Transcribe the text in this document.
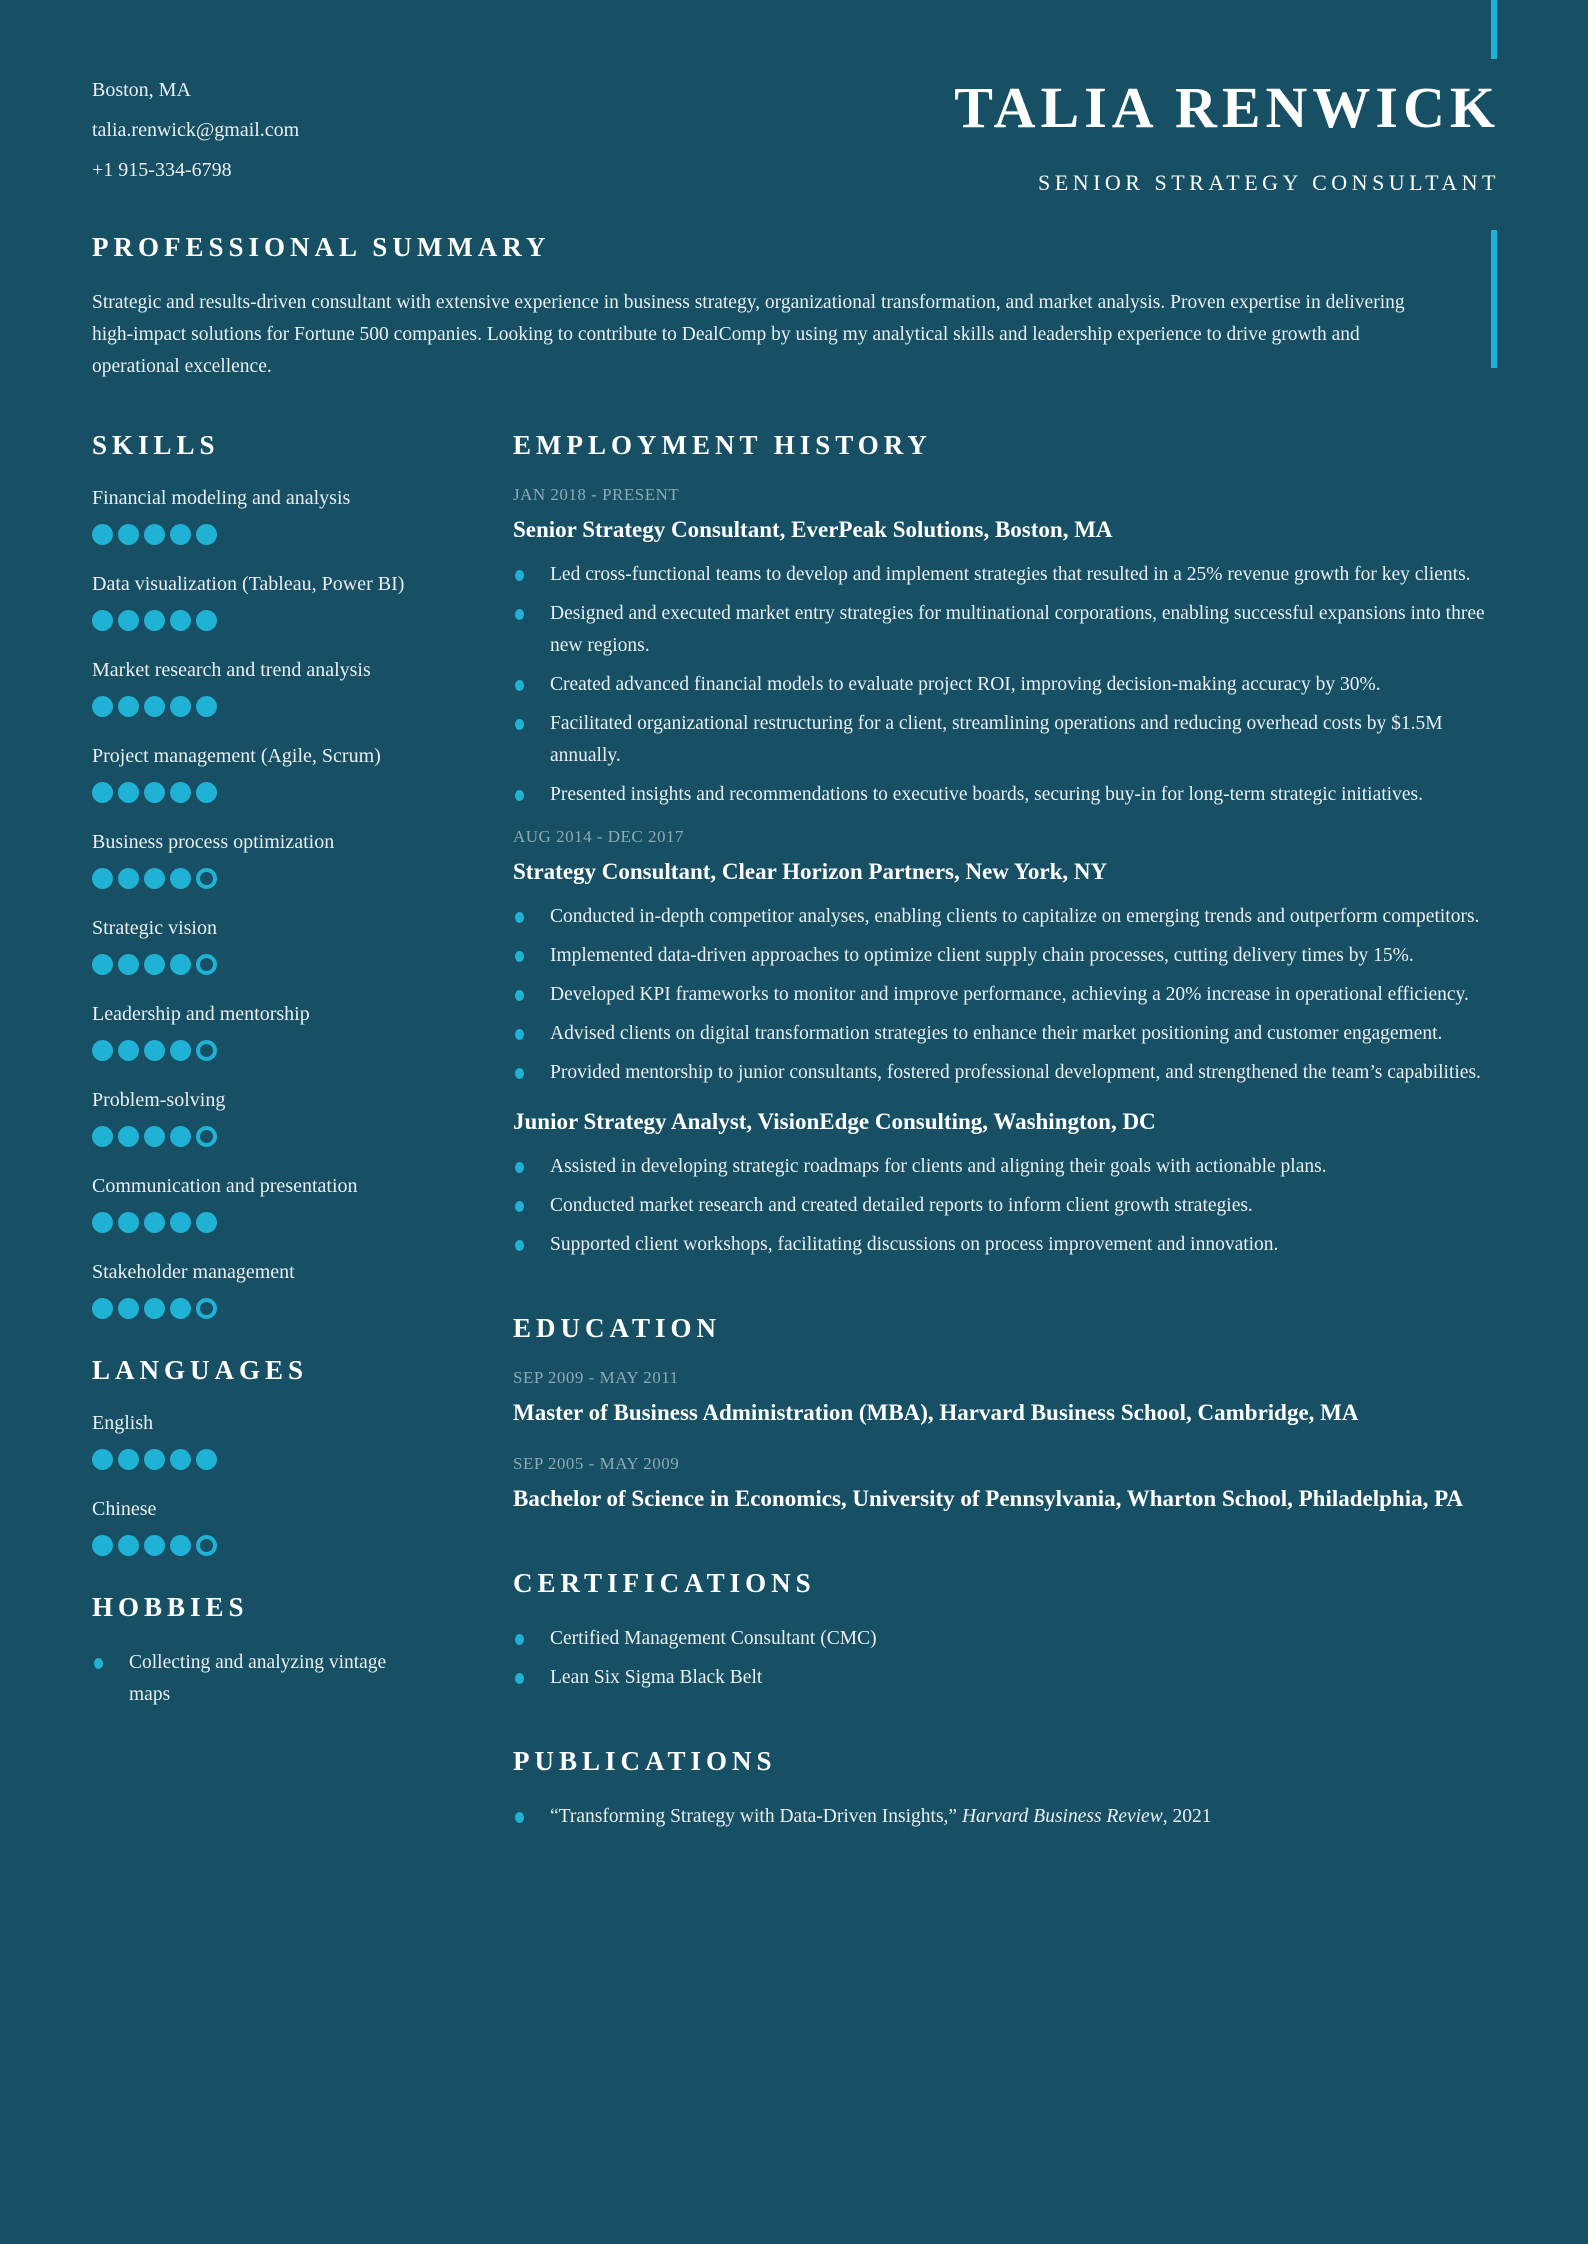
Boston, MA
talia.renwick@gmail.com
+1 915-334-6798
TALIA RENWICK
SENIOR STRATEGY CONSULTANT
PROFESSIONAL SUMMARY

Strategic and results-driven consultant with extensive experience in business strategy, organizational transformation, and market analysis. Proven expertise in delivering high-impact solutions for Fortune 500 companies. Looking to contribute to DealComp by using my analytical skills and leadership experience to drive growth and operational excellence.

SKILLS
Financial modeling and analysis
Data visualization (Tableau, Power BI)
Market research and trend analysis
Project management (Agile, Scrum)
Business process optimization
Strategic vision
Leadership and mentorship
Problem-solving
Communication and presentation
Stakeholder management
LANGUAGES
English
Chinese
HOBBIES
Collecting and analyzing vintage maps
EMPLOYMENT HISTORY
JAN 2018 - PRESENT
Senior Strategy Consultant, EverPeak Solutions, Boston, MA
Led cross-functional teams to develop and implement strategies that resulted in a 25% revenue growth for key clients.
Designed and executed market entry strategies for multinational corporations, enabling successful expansions into three new regions.
Created advanced financial models to evaluate project ROI, improving decision-making accuracy by 30%.
Facilitated organizational restructuring for a client, streamlining operations and reducing overhead costs by $1.5M annually.
Presented insights and recommendations to executive boards, securing buy-in for long-term strategic initiatives.
AUG 2014 - DEC 2017
Strategy Consultant, Clear Horizon Partners, New York, NY
Conducted in-depth competitor analyses, enabling clients to capitalize on emerging trends and outperform competitors.
Implemented data-driven approaches to optimize client supply chain processes, cutting delivery times by 15%.
Developed KPI frameworks to monitor and improve performance, achieving a 20% increase in operational efficiency.
Advised clients on digital transformation strategies to enhance their market positioning and customer engagement.
Provided mentorship to junior consultants, fostered professional development, and strengthened the team’s capabilities.
Junior Strategy Analyst, VisionEdge Consulting, Washington, DC
Assisted in developing strategic roadmaps for clients and aligning their goals with actionable plans.
Conducted market research and created detailed reports to inform client growth strategies.
Supported client workshops, facilitating discussions on process improvement and innovation.
EDUCATION
SEP 2009 - MAY 2011
Master of Business Administration (MBA), Harvard Business School, Cambridge, MA
SEP 2005 - MAY 2009
Bachelor of Science in Economics, University of Pennsylvania, Wharton School, Philadelphia, PA
CERTIFICATIONS
Certified Management Consultant (CMC)
Lean Six Sigma Black Belt
PUBLICATIONS
“Transforming Strategy with Data-Driven Insights,” Harvard Business Review, 2021
